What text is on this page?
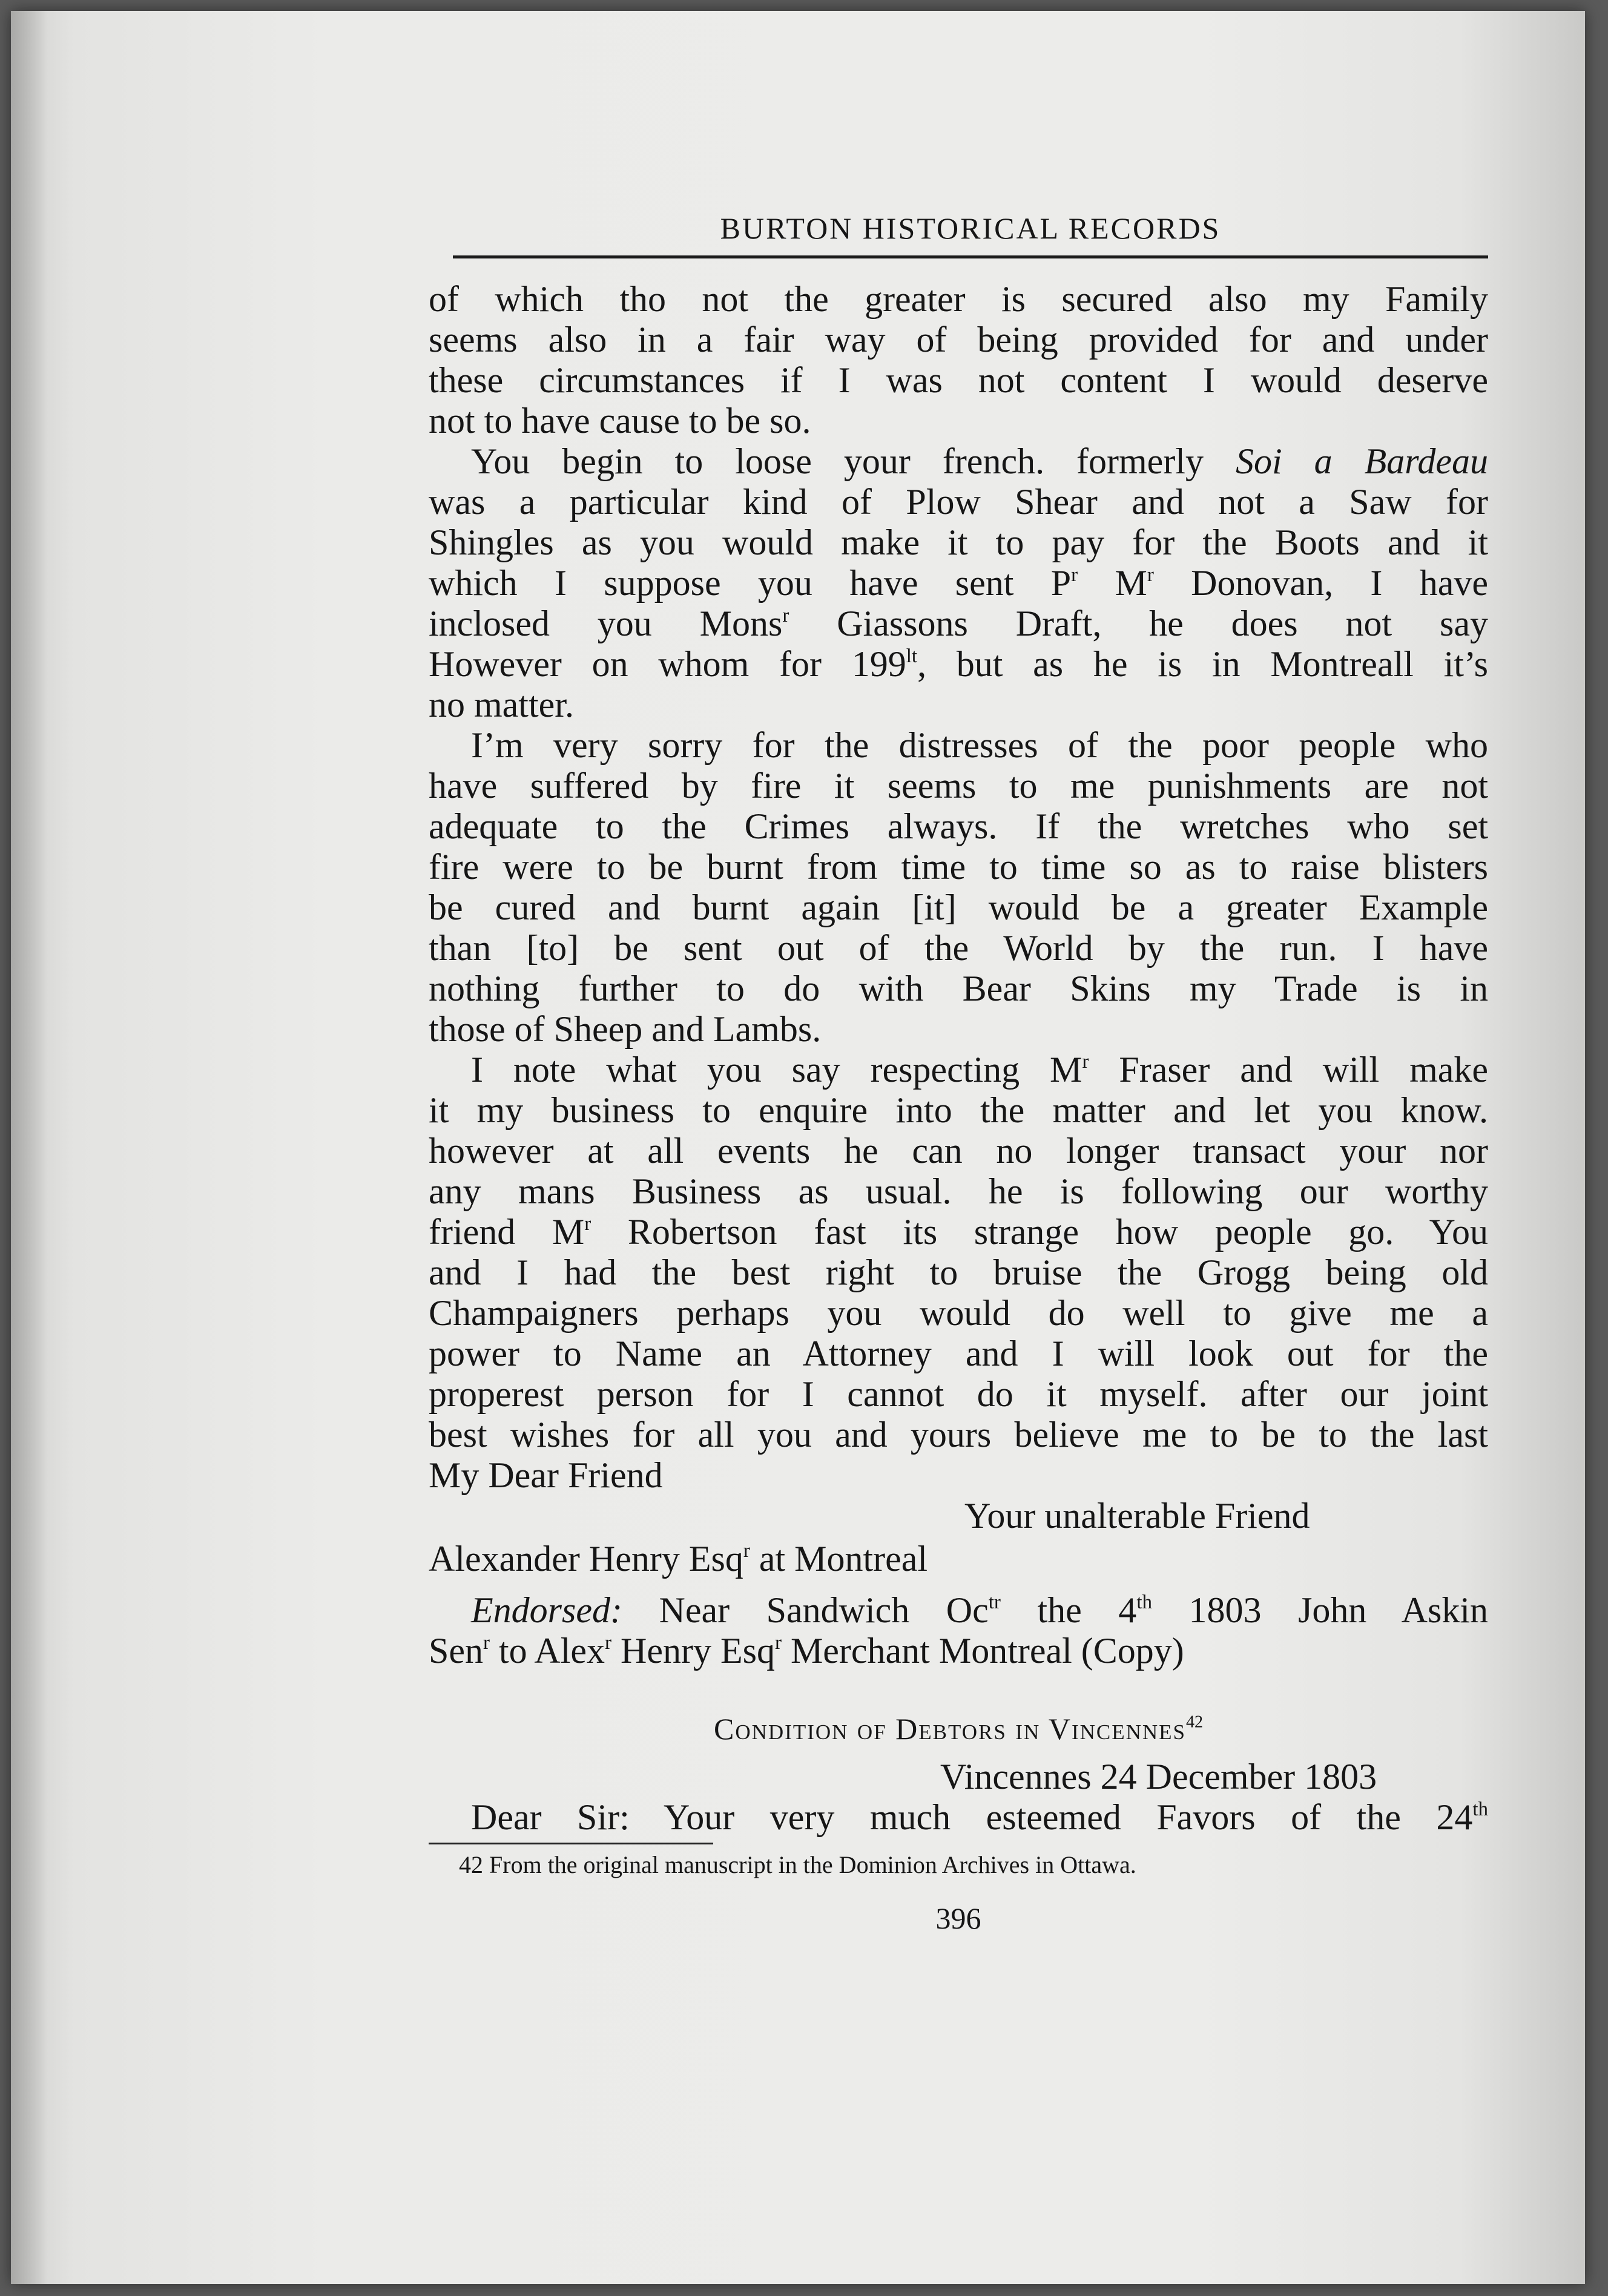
BURTON HISTORICAL RECORDS
of which tho not the greater is secured also my Family
seems also in a fair way of being provided for and under
these circumstances if I was not content I would deserve
not to have cause to be so.
You begin to loose your french. formerly Soi a Bardeau
was a particular kind of Plow Shear and not a Saw for
Shingles as you would make it to pay for the Boots and it
which I suppose you have sent $P^r$ $M^r$ Donovan, I have
inclosed you Mons$^r$ Giassons Draft, he does not say
However on whom for $199^{lt}$, but as he is in Montreall it’s
no matter.
I’m very sorry for the distresses of the poor people who
have suffered by fire it seems to me punishments are not
adequate to the Crimes always. If the wretches who set
fire were to be burnt from time to time so as to raise blisters
be cured and burnt again [it] would be a greater Example
than [to] be sent out of the World by the run. I have
nothing further to do with Bear Skins my Trade is in
those of Sheep and Lambs.
I note what you say respecting $M^r$ Fraser and will make
it my business to enquire into the matter and let you know.
however at all events he can no longer transact your nor
any mans Business as usual. he is following our worthy
friend $M^r$ Robertson fast its strange how people go. You
and I had the best right to bruise the Grogg being old
Champaigners perhaps you would do well to give me a
power to Name an Attorney and I will look out for the
properest person for I cannot do it myself. after our joint
best wishes for all you and yours believe me to be to the last
My Dear Friend
Your unalterable Friend
Alexander Henry Esq$^r$ at Montreal
Endorsed: Near Sandwich $Oc^{tr}$ the 4th 1803 John Askin
Sen$^r$ to Alex$^r$ Henry Esq$^r$ Merchant Montreal (Copy)
Condition of Debtors in Vincennes$^{42}$
Vincennes 24 December 1803
Dear Sir: Your very much esteemed Favors of the 24th
42 From the original manuscript in the Dominion Archives in Ottawa.
396
